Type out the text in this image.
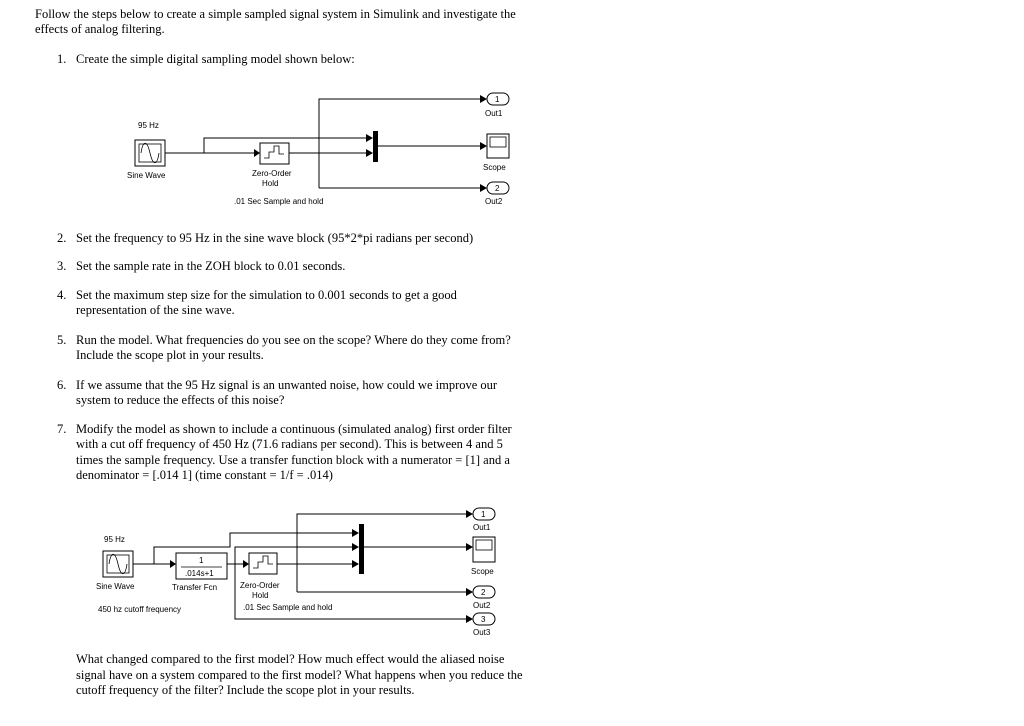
Follow the steps below to create a simple sampled signal system in Simulink and investigate the
effects of analog filtering.
1. Create the simple digital sampling model shown below:
95 Hz
Sine Wave	Zero-Order
Hold
.01 Sec Sample and hold
1
Out1
Scope
2
Out2
2. Set the frequency to 95 Hz in the sine wave block (95*2*pi radians per second)
3. Set the sample rate in the ZOH block to 0.01 seconds.
4. Set the maximum step size for the simulation to 0.001 seconds to get a good
representation of the sine wave.
5. Run the model. What frequencies do you see on the scope? Where do they come from?
Include the scope plot in your results.
6. If we assume that the 95 Hz signal is an unwanted noise, how could we improve our
system to reduce the effects of this noise?
7. Modify the model as shown to include a continuous (simulated analog) first order filter
with a cut off frequency of 450 Hz (71.6 radians per second). This is between 4 and 5
times the sample frequency. Use a transfer function block with a numerator = [1] and a
denominator = [.014 1] (time constant = 1/f = .014)
95 Hz
Sine Wave
450 hz cutoff frequency
1
.014s+1
Transfer Fcn	Zero-Order
Hold
.01 Sec Sample and hold
1
Out1
Scope
2
Out2
3
Out3
What changed compared to the first model? How much effect would the aliased noise
signal have on a system compared to the first model? What happens when you reduce the
cutoff frequency of the filter? Include the scope plot in your results.
